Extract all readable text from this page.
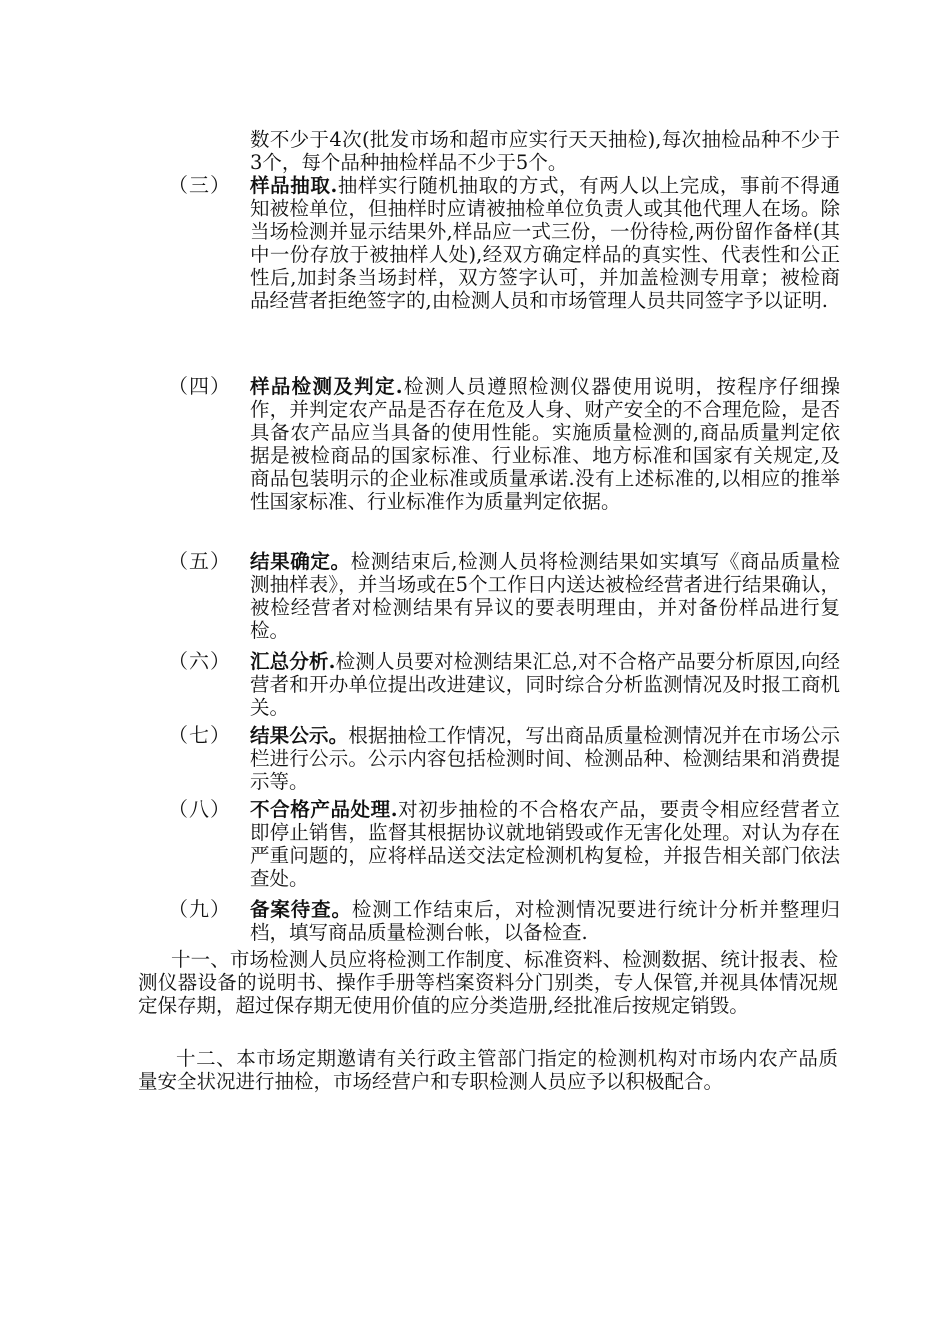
数不少于4次(批发市场和超市应实行天天抽检),每次抽检品种不少于3个，每个品种抽检样品不少于5个。
（三） 样品抽取.抽样实行随机抽取的方式，有两人以上完成，事前不得通知被检单位，但抽样时应请被抽检单位负责人或其他代理人在场。除当场检测并显示结果外,样品应一式三份，一份待检,两份留作备样(其中一份存放于被抽样人处),经双方确定样品的真实性、代表性和公正性后,加封条当场封样，双方签字认可，并加盖检测专用章；被检商品经营者拒绝签字的,由检测人员和市场管理人员共同签字予以证明.
（四） 样品检测及判定.检测人员遵照检测仪器使用说明，按程序仔细操作，并判定农产品是否存在危及人身、财产安全的不合理危险，是否具备农产品应当具备的使用性能。实施质量检测的,商品质量判定依据是被检商品的国家标准、行业标准、地方标准和国家有关规定,及商品包装明示的企业标准或质量承诺.没有上述标准的,以相应的推举性国家标准、行业标准作为质量判定依据。
（五） 结果确定。检测结束后,检测人员将检测结果如实填写《商品质量检测抽样表》，并当场或在5个工作日内送达被检经营者进行结果确认，被检经营者对检测结果有异议的要表明理由，并对备份样品进行复检。
（六） 汇总分析.检测人员要对检测结果汇总,对不合格产品要分析原因,向经营者和开办单位提出改进建议，同时综合分析监测情况及时报工商机关。
（七） 结果公示。根据抽检工作情况，写出商品质量检测情况并在市场公示栏进行公示。公示内容包括检测时间、检测品种、检测结果和消费提示等。
（八） 不合格产品处理.对初步抽检的不合格农产品，要责令相应经营者立即停止销售，监督其根据协议就地销毁或作无害化处理。对认为存在严重问题的，应将样品送交法定检测机构复检，并报告相关部门依法查处。
（九） 备案待查。检测工作结束后，对检测情况要进行统计分析并整理归档，填写商品质量检测台帐，以备检查.
十一、市场检测人员应将检测工作制度、标准资料、检测数据、统计报表、检测仪器设备的说明书、操作手册等档案资料分门别类，专人保管,并视具体情况规定保存期，超过保存期无使用价值的应分类造册,经批准后按规定销毁。
十二、本市场定期邀请有关行政主管部门指定的检测机构对市场内农产品质量安全状况进行抽检，市场经营户和专职检测人员应予以积极配合。
